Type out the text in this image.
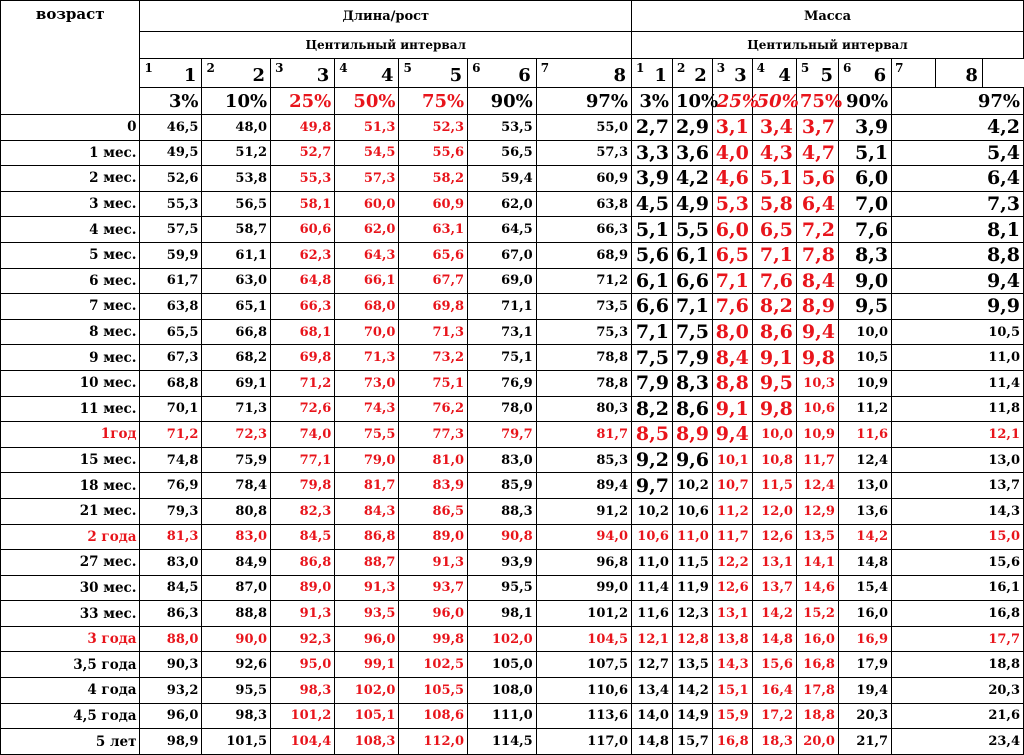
возраст	Длина/рост							Масса							
	Центильный интервал							Центильный интервал							

	1 1	2 2	3 3	4 4	5 5	6 6	7 8	1 1	2 2	3 3	4 4	5 5	6 6	7	8
	3%	10%	25%	50%	75%	90%	97%	3%	10%	25%	50%	75%	90%	97%	
0	46,5	48,0	49,8	51,3	52,3	53,5	55,0	2,7	2,9	3,1	3,4	3,7	3,9	4,2	
1 мес.	49,5	51,2	52,7	54,5	55,6	56,5	57,3	3,3	3,6	4,0	4,3	4,7	5,1	5,4	
2 мес.	52,6	53,8	55,3	57,3	58,2	59,4	60,9	3,9	4,2	4,6	5,1	5,6	6,0	6,4	
3 мес.	55,3	56,5	58,1	60,0	60,9	62,0	63,8	4,5	4,9	5,3	5,8	6,4	7,0	7,3	
4 мес.	57,5	58,7	60,6	62,0	63,1	64,5	66,3	5,1	5,5	6,0	6,5	7,2	7,6	8,1	
5 мес.	59,9	61,1	62,3	64,3	65,6	67,0	68,9	5,6	6,1	6,5	7,1	7,8	8,3	8,8	
6 мес.	61,7	63,0	64,8	66,1	67,7	69,0	71,2	6,1	6,6	7,1	7,6	8,4	9,0	9,4	
7 мес.	63,8	65,1	66,3	68,0	69,8	71,1	73,5	6,6	7,1	7,6	8,2	8,9	9,5	9,9	
8 мес.	65,5	66,8	68,1	70,0	71,3	73,1	75,3	7,1	7,5	8,0	8,6	9,4	10,0	10,5	
9 мес.	67,3	68,2	69,8	71,3	73,2	75,1	78,8	7,5	7,9	8,4	9,1	9,8	10,5	11,0	
10 мес.	68,8	69,1	71,2	73,0	75,1	76,9	78,8	7,9	8,3	8,8	9,5	10,3	10,9	11,4	
11 мес.	70,1	71,3	72,6	74,3	76,2	78,0	80,3	8,2	8,6	9,1	9,8	10,6	11,2	11,8	
1год	71,2	72,3	74,0	75,5	77,3	79,7	81,7	8,5	8,9	9,4	10,0	10,9	11,6	12,1	
15 мес.	74,8	75,9	77,1	79,0	81,0	83,0	85,3	9,2	9,6	10,1	10,8	11,7	12,4	13,0	
18 мес.	76,9	78,4	79,8	81,7	83,9	85,9	89,4	9,7	10,2	10,7	11,5	12,4	13,0	13,7	
21 мес.	79,3	80,8	82,3	84,3	86,5	88,3	91,2	10,2	10,6	11,2	12,0	12,9	13,6	14,3	
2 года	81,3	83,0	84,5	86,8	89,0	90,8	94,0	10,6	11,0	11,7	12,6	13,5	14,2	15,0	
27 мес.	83,0	84,9	86,8	88,7	91,3	93,9	96,8	11,0	11,5	12,2	13,1	14,1	14,8	15,6	
30 мес.	84,5	87,0	89,0	91,3	93,7	95,5	99,0	11,4	11,9	12,6	13,7	14,6	15,4	16,1	
33 мес.	86,3	88,8	91,3	93,5	96,0	98,1	101,2	11,6	12,3	13,1	14,2	15,2	16,0	16,8	
3 года	88,0	90,0	92,3	96,0	99,8	102,0	104,5	12,1	12,8	13,8	14,8	16,0	16,9	17,7	
3,5 года	90,3	92,6	95,0	99,1	102,5	105,0	107,5	12,7	13,5	14,3	15,6	16,8	17,9	18,8	
4 года	93,2	95,5	98,3	102,0	105,5	108,0	110,6	13,4	14,2	15,1	16,4	17,8	19,4	20,3	
4,5 года	96,0	98,3	101,2	105,1	108,6	111,0	113,6	14,0	14,9	15,9	17,2	18,8	20,3	21,6	
5 лет	98,9	101,5	104,4	108,3	112,0	114,5	117,0	14,8	15,7	16,8	18,3	20,0	21,7	23,4	
